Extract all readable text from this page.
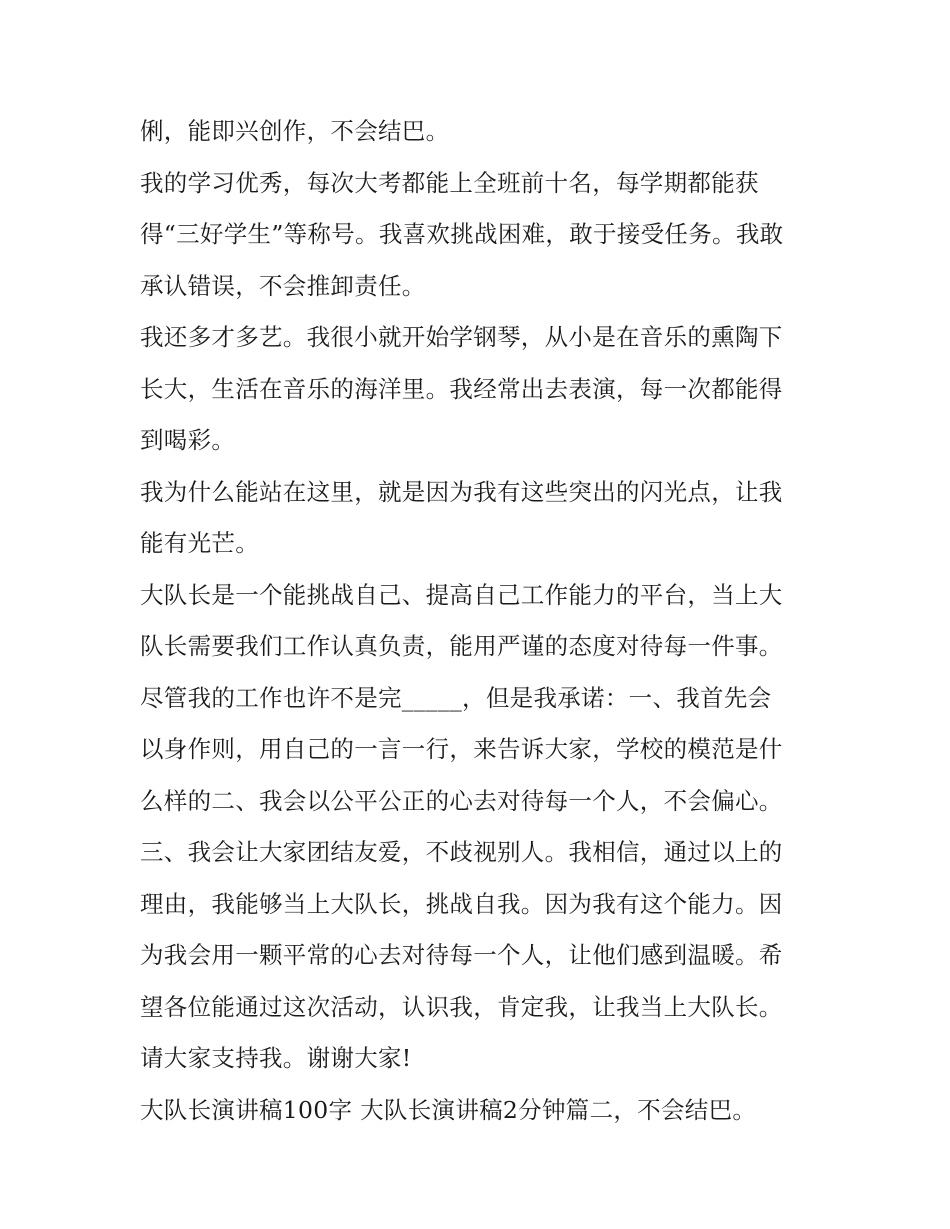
俐，能即兴创作，不会结巴。
我的学习优秀，每次大考都能上全班前十名，每学期都能获
得“三好学生”等称号。我喜欢挑战困难，敢于接受任务。我敢
承认错误，不会推卸责任。
我还多才多艺。我很小就开始学钢琴，从小是在音乐的熏陶下
长大，生活在音乐的海洋里。我经常出去表演，每一次都能得
到喝彩。
我为什么能站在这里，就是因为我有这些突出的闪光点，让我
能有光芒。
大队长是一个能挑战自己、提高自己工作能力的平台，当上大
队长需要我们工作认真负责，能用严谨的态度对待每一件事。
尽管我的工作也许不是完_____，但是我承诺：一、我首先会
以身作则，用自己的一言一行，来告诉大家，学校的模范是什
么样的二、我会以公平公正的心去对待每一个人，不会偏心。
三、我会让大家团结友爱，不歧视别人。我相信，通过以上的
理由，我能够当上大队长，挑战自我。因为我有这个能力。因
为我会用一颗平常的心去对待每一个人，让他们感到温暖。希
望各位能通过这次活动，认识我，肯定我，让我当上大队长。
请大家支持我。谢谢大家!
大队长演讲稿100字 大队长演讲稿2分钟篇二，不会结巴。
